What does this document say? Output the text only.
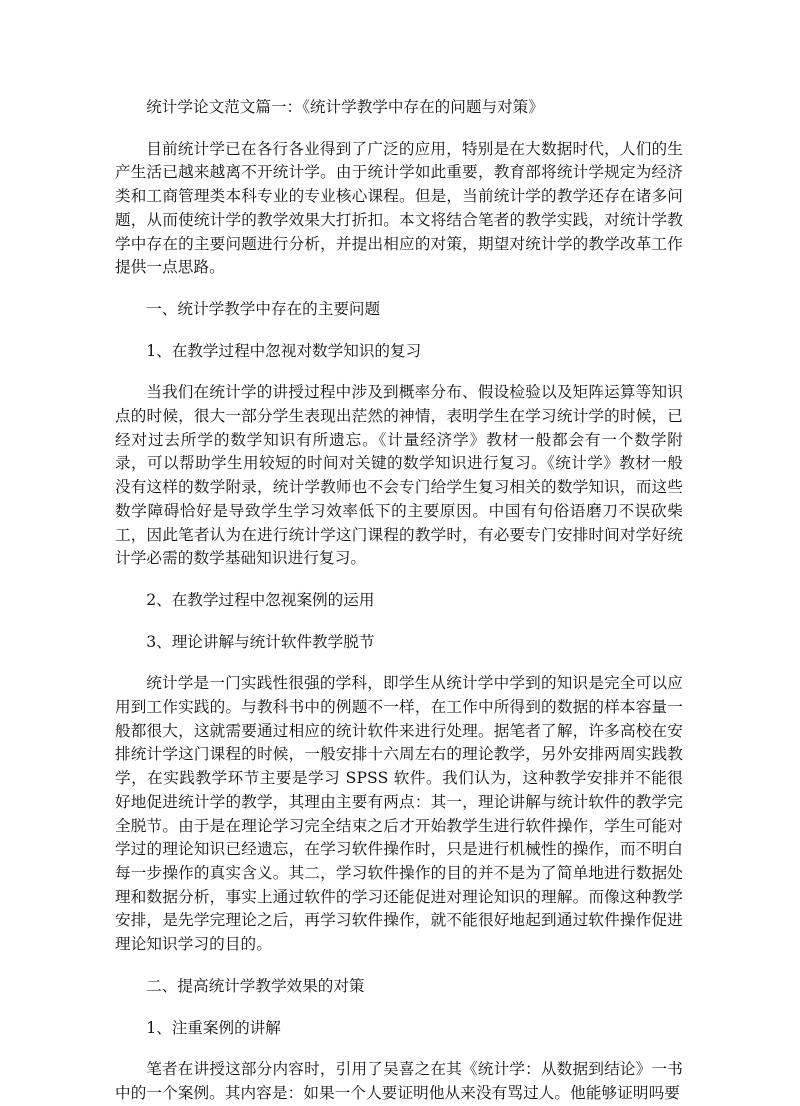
统计学论文范文篇一：《统计学教学中存在的问题与对策》

目前统计学已在各行各业得到了广泛的应用，特别是在大数据时代，人们的生产生活已越来越离不开统计学。由于统计学如此重要，教育部将统计学规定为经济类和工商管理类本科专业的专业核心课程。但是，当前统计学的教学还存在诸多问题，从而使统计学的教学效果大打折扣。本文将结合笔者的教学实践，对统计学教学中存在的主要问题进行分析，并提出相应的对策，期望对统计学的教学改革工作提供一点思路。

一、统计学教学中存在的主要问题

1、在教学过程中忽视对数学知识的复习

当我们在统计学的讲授过程中涉及到概率分布、假设检验以及矩阵运算等知识点的时候，很大一部分学生表现出茫然的神情，表明学生在学习统计学的时候，已经对过去所学的数学知识有所遗忘。《计量经济学》教材一般都会有一个数学附录，可以帮助学生用较短的时间对关键的数学知识进行复习。《统计学》教材一般没有这样的数学附录，统计学教师也不会专门给学生复习相关的数学知识，而这些数学障碍恰好是导致学生学习效率低下的主要原因。中国有句俗语磨刀不误砍柴工，因此笔者认为在进行统计学这门课程的教学时，有必要专门安排时间对学好统计学必需的数学基础知识进行复习。

2、在教学过程中忽视案例的运用

3、理论讲解与统计软件教学脱节

统计学是一门实践性很强的学科，即学生从统计学中学到的知识是完全可以应用到工作实践的。与教科书中的例题不一样，在工作中所得到的数据的样本容量一般都很大，这就需要通过相应的统计软件来进行处理。据笔者了解，许多高校在安排统计学这门课程的时候，一般安排十六周左右的理论教学，另外安排两周实践教学，在实践教学环节主要是学习 SPSS 软件。我们认为，这种教学安排并不能很好地促进统计学的教学，其理由主要有两点：其一，理论讲解与统计软件的教学完全脱节。由于是在理论学习完全结束之后才开始教学生进行软件操作，学生可能对学过的理论知识已经遗忘，在学习软件操作时，只是进行机械性的操作，而不明白每一步操作的真实含义。其二，学习软件操作的目的并不是为了简单地进行数据处理和数据分析，事实上通过软件的学习还能促进对理论知识的理解。而像这种教学安排，是先学完理论之后，再学习软件操作，就不能很好地起到通过软件操作促进理论知识学习的目的。

二、提高统计学教学效果的对策

1、注重案例的讲解

笔者在讲授这部分内容时，引用了吴喜之在其《统计学：从数据到结论》一书中的一个案例。其内容是：如果一个人要证明他从来没有骂过人。他能够证明吗要
